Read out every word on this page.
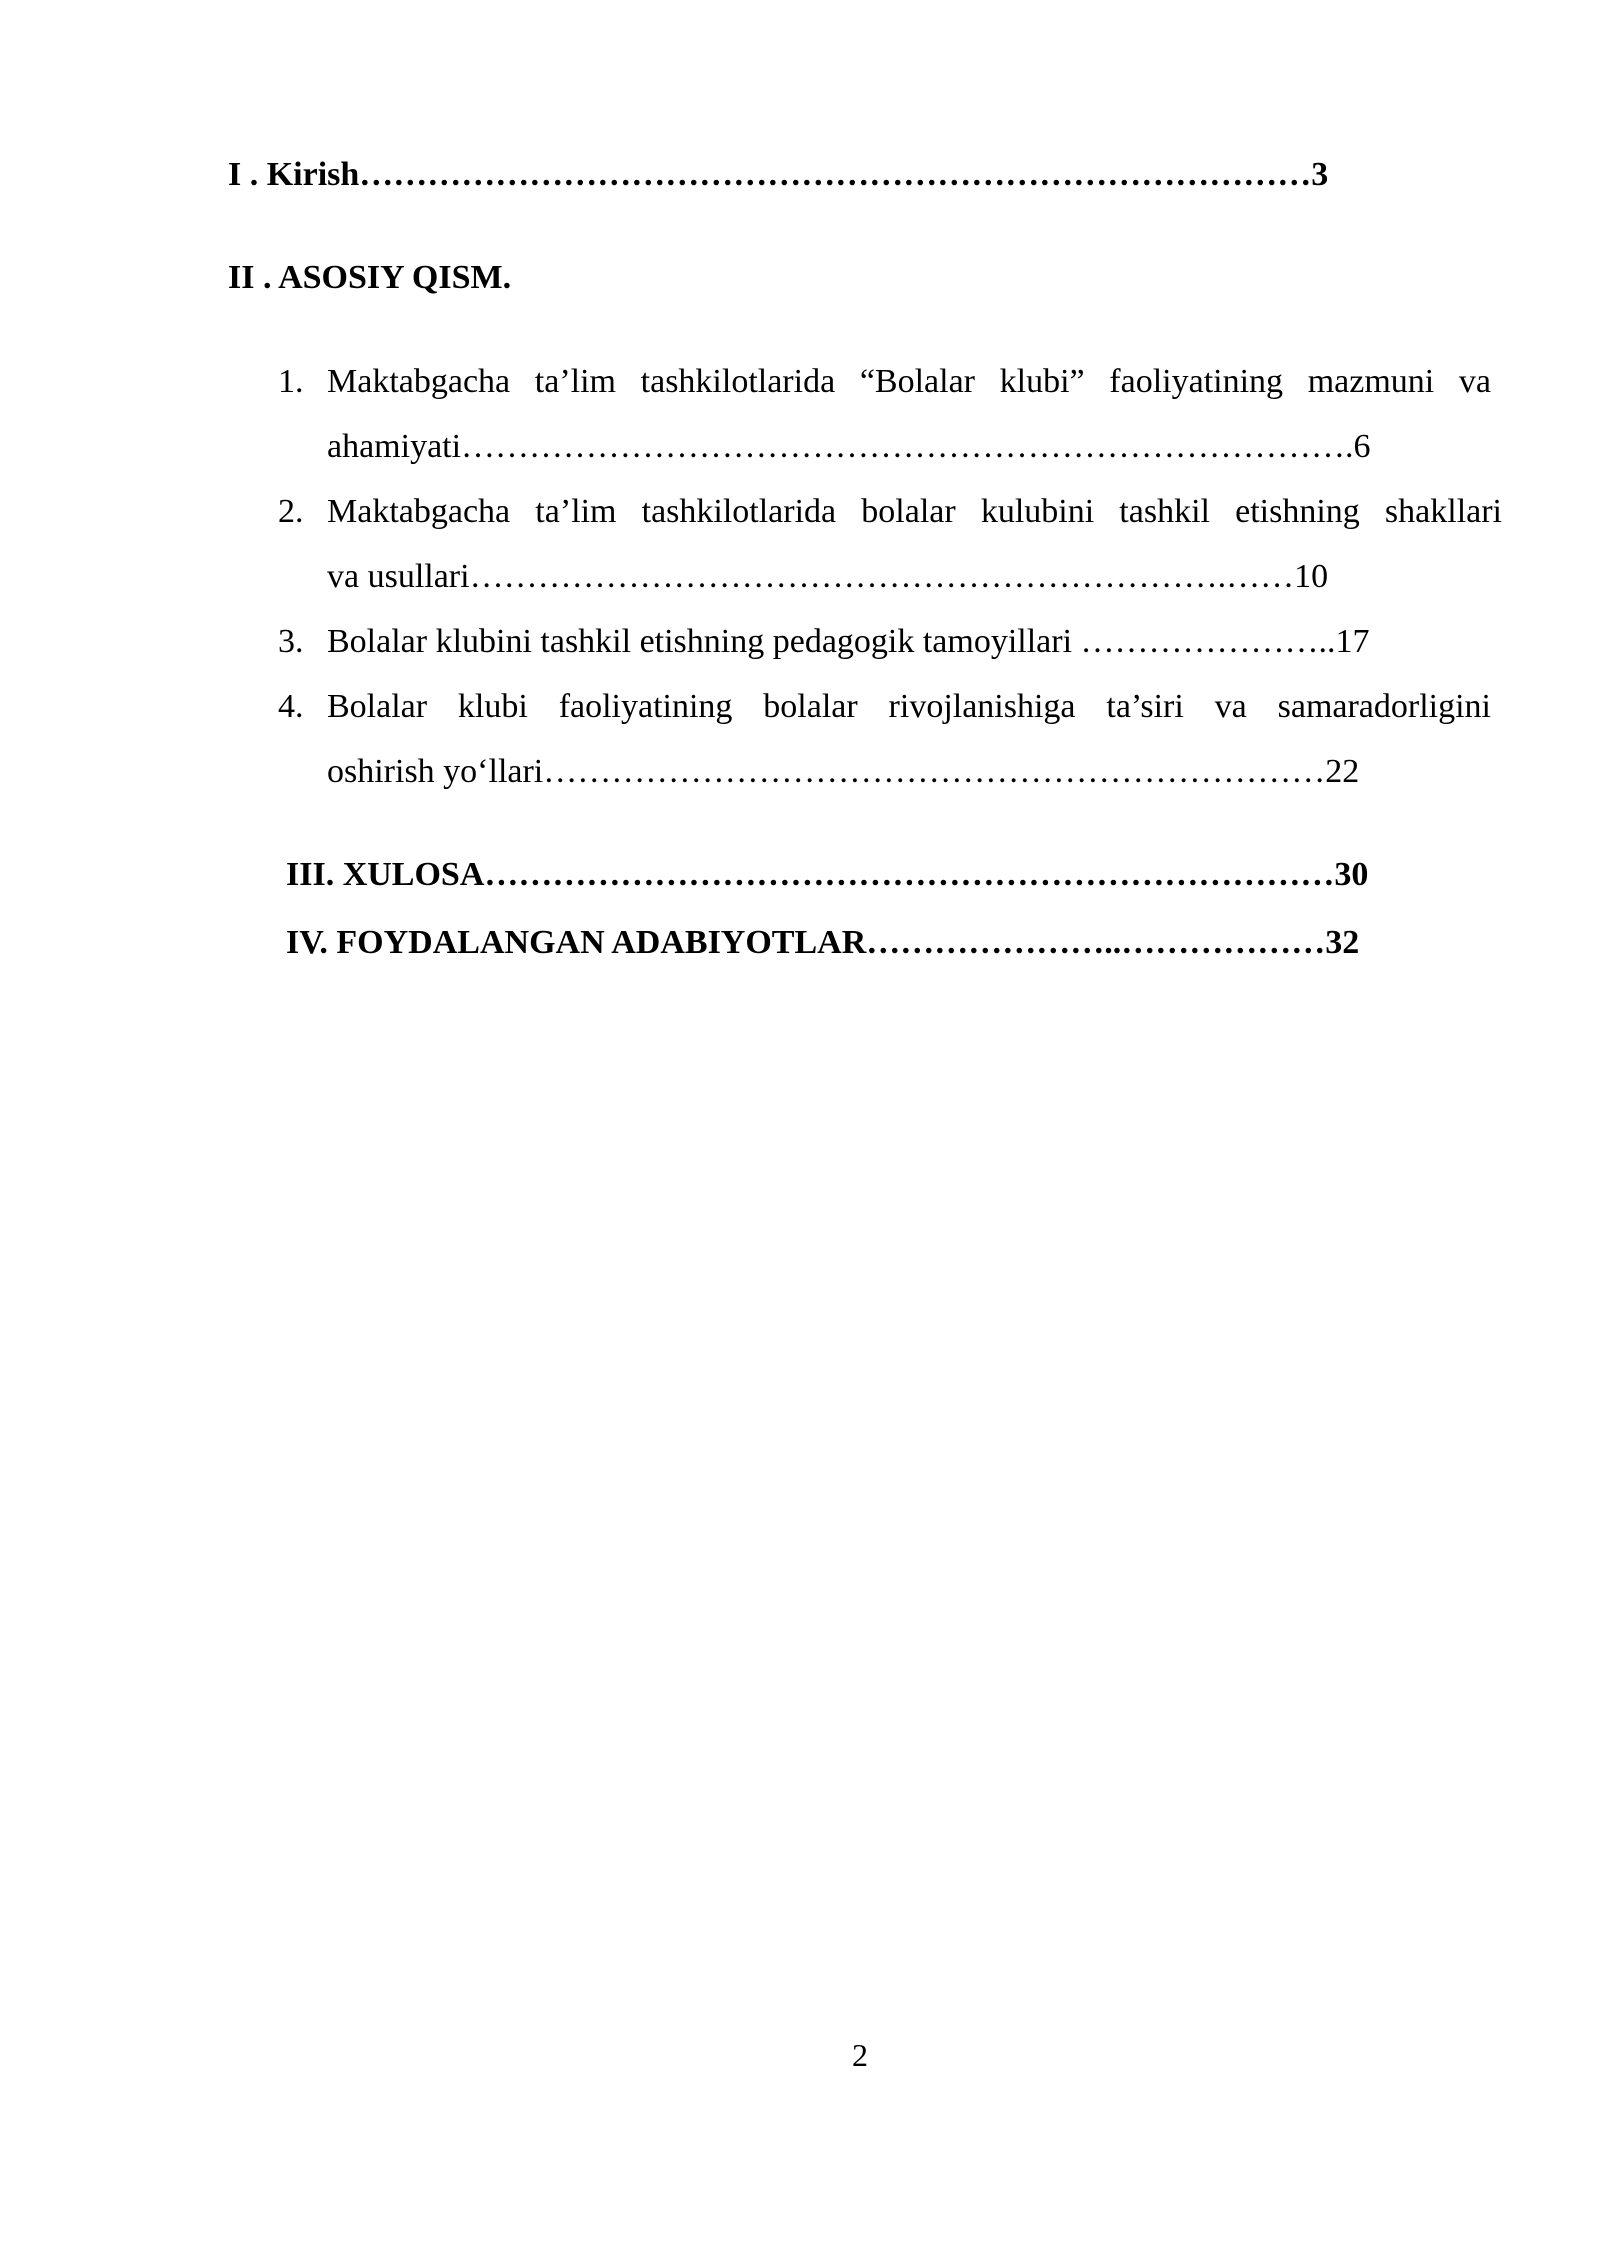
I . Kirish…………………………………………………………………………3
II . ASOSIY QISM.
1. Maktabgacha ta’lim tashkilotlarida “Bolalar klubi” faoliyatining mazmuni va
ahamiyati…………………………………………………………………….6
2. Maktabgacha ta’lim tashkilotlarida bolalar kulubini tashkil etishning shakllari
va usullari………………………………………………………….……10
3. Bolalar klubini tashkil etishning pedagogik tamoyillari …………………..17
4. Bolalar klubi faoliyatining bolalar rivojlanishiga ta’siri va samaradorligini
oshirish yo‘llari……………………………………………………………22
III. XULOSA…………………………………………………………………30
IV. FOYDALANGAN ADABIYOTLAR…………………..………………32
2
